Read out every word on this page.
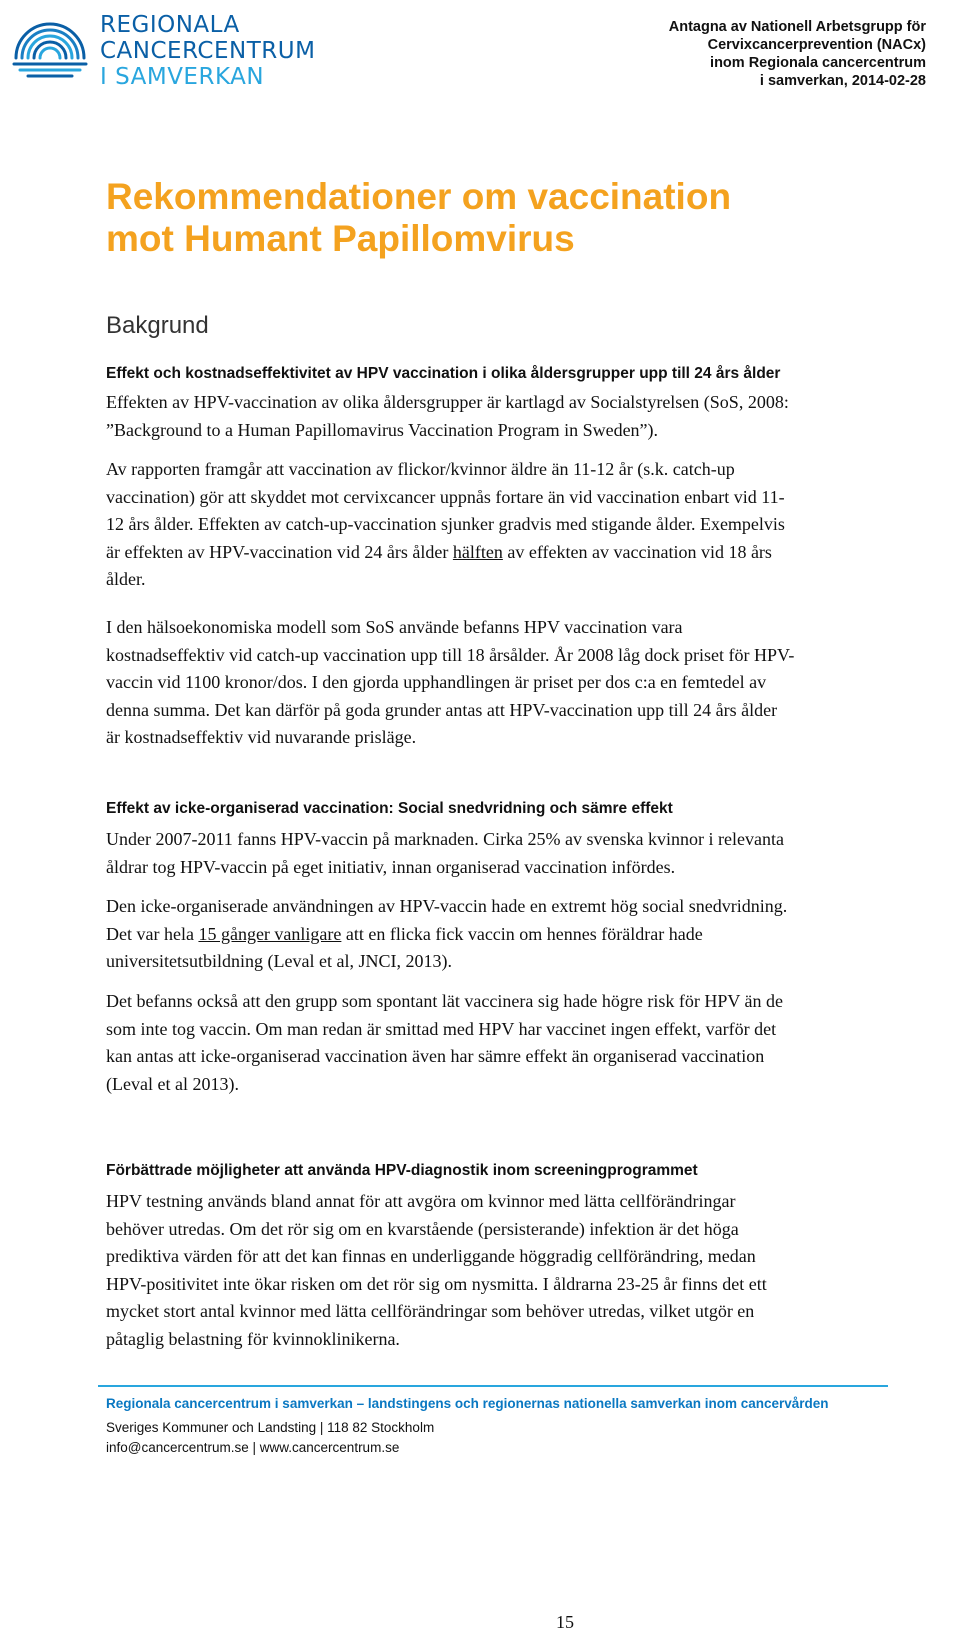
REGIONALA
CANCERCENTRUM
I SAMVERKAN
Antagna av Nationell Arbetsgrupp för
Cervixcancerprevention (NACx)
inom Regionala cancercentrum
i samverkan, 2014-02-28
Rekommendationer om vaccination
mot Humant Papillomvirus
Bakgrund
Effekt och kostnadseffektivitet av HPV vaccination i olika åldersgrupper upp till 24 års ålder
Effekten av HPV-vaccination av olika åldersgrupper är kartlagd av Socialstyrelsen (SoS, 2008:
”Background to a Human Papillomavirus Vaccination Program in Sweden”).
Av rapporten framgår att vaccination av flickor/kvinnor äldre än 11-12 år (s.k. catch-up
vaccination) gör att skyddet mot cervixcancer uppnås fortare än vid vaccination enbart vid 11-
12 års ålder. Effekten av catch-up-vaccination sjunker gradvis med stigande ålder. Exempelvis
är effekten av HPV-vaccination vid 24 års ålder hälften av effekten av vaccination vid 18 års
ålder.
I den hälsoekonomiska modell som SoS använde befanns HPV vaccination vara
kostnadseffektiv vid catch-up vaccination upp till 18 årsålder. År 2008 låg dock priset för HPV-
vaccin vid 1100 kronor/dos. I den gjorda upphandlingen är priset per dos c:a en femtedel av
denna summa. Det kan därför på goda grunder antas att HPV-vaccination upp till 24 års ålder
är kostnadseffektiv vid nuvarande prisläge.
Effekt av icke-organiserad vaccination: Social snedvridning och sämre effekt
Under 2007-2011 fanns HPV-vaccin på marknaden. Cirka 25% av svenska kvinnor i relevanta
åldrar tog HPV-vaccin på eget initiativ, innan organiserad vaccination infördes.
Den icke-organiserade användningen av HPV-vaccin hade en extremt hög social snedvridning.
Det var hela 15 gånger vanligare att en flicka fick vaccin om hennes föräldrar hade
universitetsutbildning (Leval et al, JNCI, 2013).
Det befanns också att den grupp som spontant lät vaccinera sig hade högre risk för HPV än de
som inte tog vaccin. Om man redan är smittad med HPV har vaccinet ingen effekt, varför det
kan antas att icke-organiserad vaccination även har sämre effekt än organiserad vaccination
(Leval et al 2013).
Förbättrade möjligheter att använda HPV-diagnostik inom screeningprogrammet
HPV testning används bland annat för att avgöra om kvinnor med lätta cellförändringar
behöver utredas. Om det rör sig om en kvarstående (persisterande) infektion är det höga
prediktiva värden för att det kan finnas en underliggande höggradig cellförändring, medan
HPV-positivitet inte ökar risken om det rör sig om nysmitta. I åldrarna 23-25 år finns det ett
mycket stort antal kvinnor med lätta cellförändringar som behöver utredas, vilket utgör en
påtaglig belastning för kvinnoklinikerna.
Regionala cancercentrum i samverkan – landstingens och regionernas nationella samverkan inom cancervården
Sveriges Kommuner och Landsting | 118 82 Stockholm
info@cancercentrum.se | www.cancercentrum.se
15
